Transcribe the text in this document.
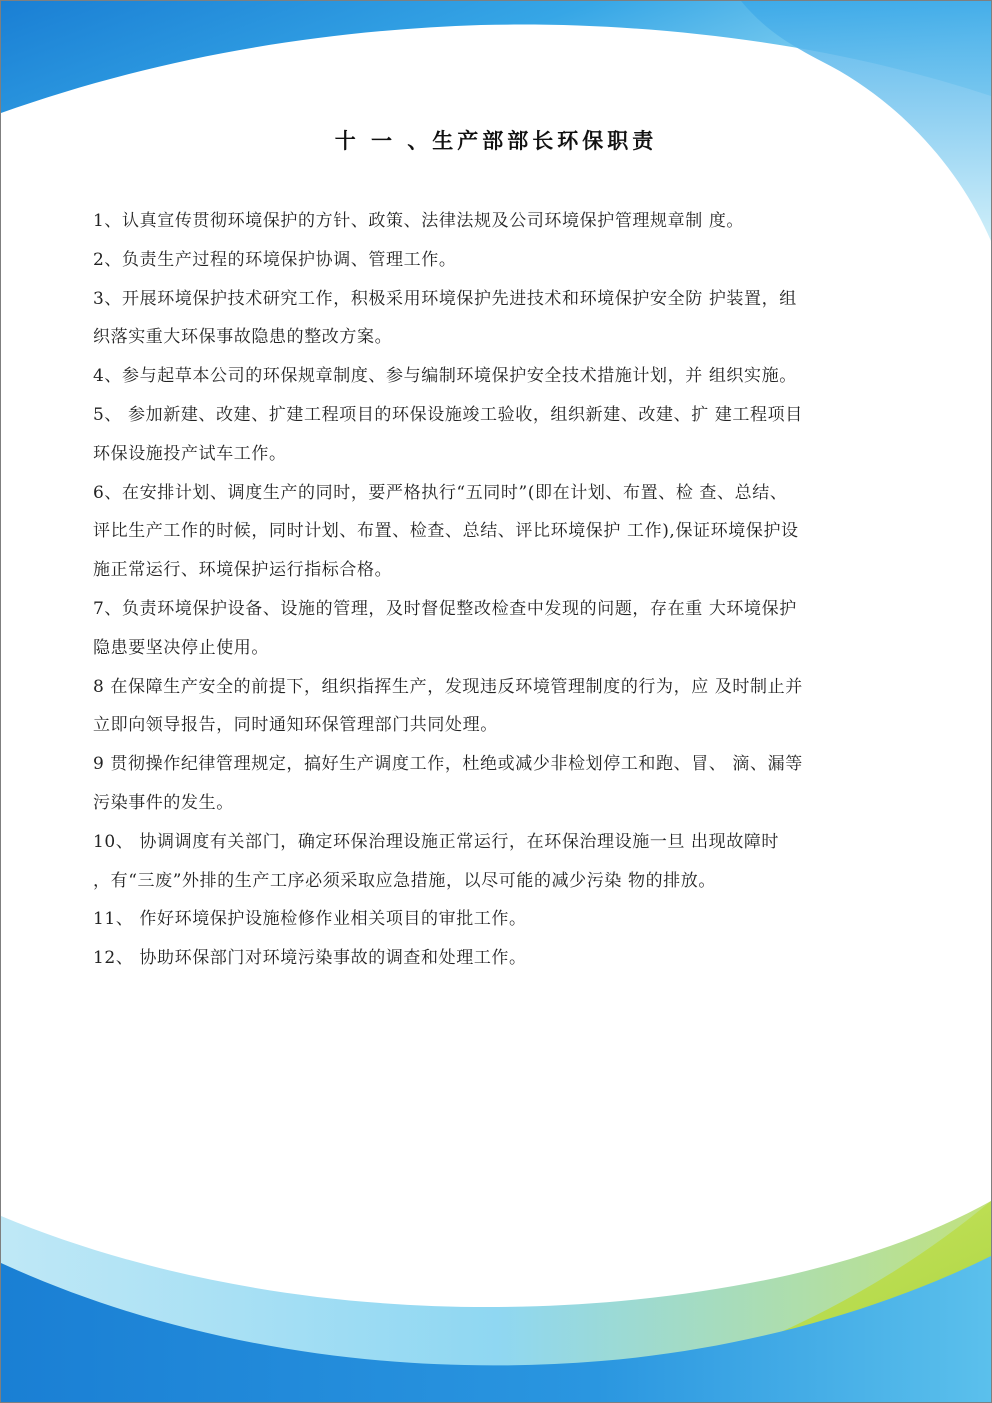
十 一 、生产部部长环保职责
1、认真宣传贯彻环境保护的方针、政策、法律法规及公司环境保护管理规章制 度。
2、负责生产过程的环境保护协调、管理工作。
3、开展环境保护技术研究工作，积极采用环境保护先进技术和环境保护安全防 护装置，组
织落实重大环保事故隐患的整改方案。
4、参与起草本公司的环保规章制度、参与编制环境保护安全技术措施计划，并 组织实施。
5、 参加新建、改建、扩建工程项目的环保设施竣工验收，组织新建、改建、扩 建工程项目
环保设施投产试车工作。
6、在安排计划、调度生产的同时，要严格执行“五同时”(即在计划、布置、检 查、总结、
评比生产工作的时候，同时计划、布置、检查、总结、评比环境保护 工作),保证环境保护设
施正常运行、环境保护运行指标合格。
7、负责环境保护设备、设施的管理，及时督促整改检查中发现的问题，存在重 大环境保护
隐患要坚决停止使用。
8 在保障生产安全的前提下，组织指挥生产，发现违反环境管理制度的行为，应 及时制止并
立即向领导报告，同时通知环保管理部门共同处理。
9 贯彻操作纪律管理规定，搞好生产调度工作，杜绝或减少非检划停工和跑、冒、 滴、漏等
污染事件的发生。
10、 协调调度有关部门，确定环保治理设施正常运行，在环保治理设施一旦 出现故障时
，有“三废”外排的生产工序必须采取应急措施，以尽可能的减少污染 物的排放。
11、 作好环境保护设施检修作业相关项目的审批工作。
12、 协助环保部门对环境污染事故的调查和处理工作。
